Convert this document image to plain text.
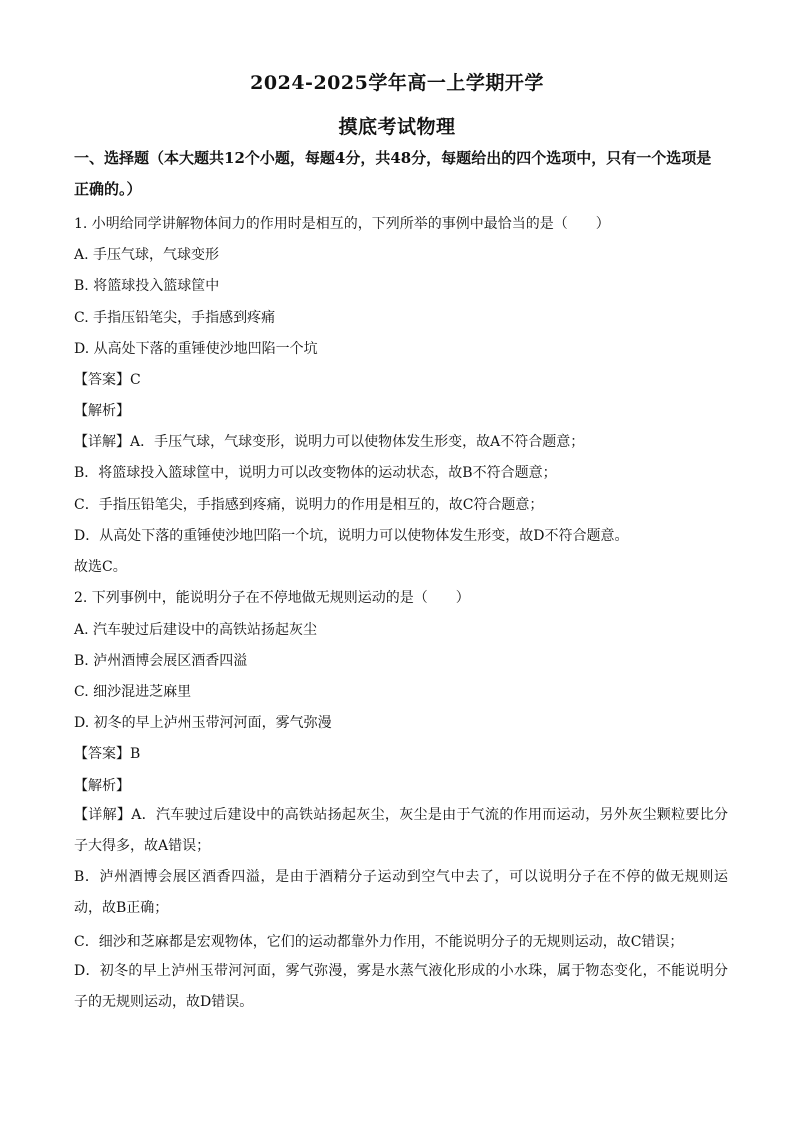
2024-2025学年高一上学期开学
摸底考试物理
一、选择题（本大题共12个小题，每题4分，共48分，每题给出的四个选项中，只有一个选项是正确的。）
1. 小明给同学讲解物体间力的作用时是相互的，下列所举的事例中最恰当的是（　　）
A. 手压气球，气球变形
B. 将篮球投入篮球筐中
C. 手指压铅笔尖，手指感到疼痛
D. 从高处下落的重锤使沙地凹陷一个坑
【答案】C
【解析】
【详解】A．手压气球，气球变形，说明力可以使物体发生形变，故A不符合题意；
B．将篮球投入篮球筐中，说明力可以改变物体的运动状态，故B不符合题意；
C．手指压铅笔尖，手指感到疼痛，说明力的作用是相互的，故C符合题意；
D．从高处下落的重锤使沙地凹陷一个坑，说明力可以使物体发生形变，故D不符合题意。
故选C。
2. 下列事例中，能说明分子在不停地做无规则运动的是（　　）
A. 汽车驶过后建设中的高铁站扬起灰尘
B. 泸州酒博会展区酒香四溢
C. 细沙混进芝麻里
D. 初冬的早上泸州玉带河河面，雾气弥漫
【答案】B
【解析】
【详解】A．汽车驶过后建设中的高铁站扬起灰尘，灰尘是由于气流的作用而运动，另外灰尘颗粒要比分子大得多，故A错误；
B．泸州酒博会展区酒香四溢，是由于酒精分子运动到空气中去了，可以说明分子在不停的做无规则运动，故B正确；
C．细沙和芝麻都是宏观物体，它们的运动都靠外力作用，不能说明分子的无规则运动，故C错误；
D．初冬的早上泸州玉带河河面，雾气弥漫，雾是水蒸气液化形成的小水珠，属于物态变化，不能说明分子的无规则运动，故D错误。
